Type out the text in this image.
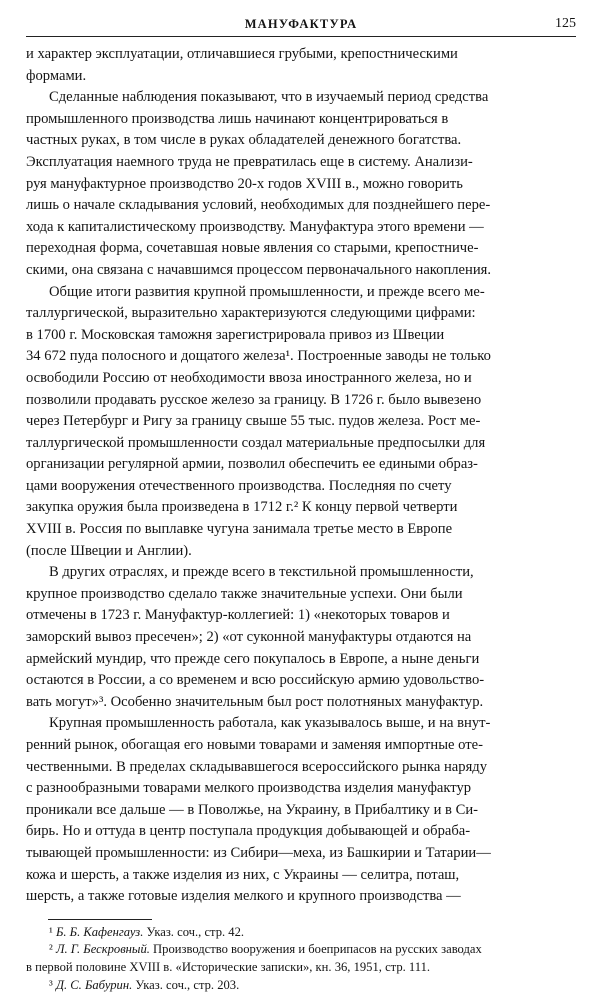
МАНУФАКТУРА	125

и характер эксплуатации, отличавшиеся грубыми, крепостническими
формами.

Сделанные наблюдения показывают, что в изучаемый период средства
промышленного производства лишь начинают концентрироваться в
частных руках, в том числе в руках обладателей денежного богатства.
Эксплуатация наемного труда не превратилась еще в систему. Анализи-
руя мануфактурное производство 20-х годов XVIII в., можно говорить
лишь о начале складывания условий, необходимых для позднейшего пере-
хода к капиталистическому производству. Мануфактура этого времени —
переходная форма, сочетавшая новые явления со старыми, крепостниче-
скими, она связана с начавшимся процессом первоначального накопления.

Общие итоги развития крупной промышленности, и прежде всего ме-
таллургической, выразительно характеризуются следующими цифрами:
в 1700 г. Московская таможня зарегистрировала привоз из Швеции
34 672 пуда полосного и дощатого железа¹. Построенные заводы не только
освободили Россию от необходимости ввоза иностранного железа, но и
позволили продавать русское железо за границу. В 1726 г. было вывезено
через Петербург и Ригу за границу свыше 55 тыс. пудов железа. Рост ме-
таллургической промышленности создал материальные предпосылки для
организации регулярной армии, позволил обеспечить ее едиными образ-
цами вооружения отечественного производства. Последняя по счету
закупка оружия была произведена в 1712 г.² К концу первой четверти
XVIII в. Россия по выплавке чугуна занимала третье место в Европе
(после Швеции и Англии).

В других отраслях, и прежде всего в текстильной промышленности,
крупное производство сделало также значительные успехи. Они были
отмечены в 1723 г. Мануфактур-коллегией: 1) «некоторых товаров и
заморский вывоз пресечен»; 2) «от суконной мануфактуры отдаются на
армейский мундир, что прежде сего покупалось в Европе, а ныне деньги
остаются в России, а со временем и всю российскую армию удовольство-
вать могут»³. Особенно значительным был рост полотняных мануфактур.

Крупная промышленность работала, как указывалось выше, и на внут-
ренний рынок, обогащая его новыми товарами и заменяя импортные оте-
чественными. В пределах складывавшегося всероссийского рынка наряду
с разнообразными товарами мелкого производства изделия мануфактур
проникали все дальше — в Поволжье, на Украину, в Прибалтику и в Си-
бирь. Но и оттуда в центр поступала продукция добывающей и обраба-
тывающей промышленности: из Сибири—меха, из Башкирии и Татарии—
кожа и шерсть, а также изделия из них, с Украины — селитра, поташ,
шерсть, а также готовые изделия мелкого и крупного производства —

¹ Б. Б. Кафенгауз. Указ. соч., стр. 42.

² Л. Г. Бескровный. Производство вооружения и боеприпасов на русских заводах
в первой половине XVIII в. «Исторические записки», кн. 36, 1951, стр. 111.

³ Д. С. Бабурин. Указ. соч., стр. 203.
